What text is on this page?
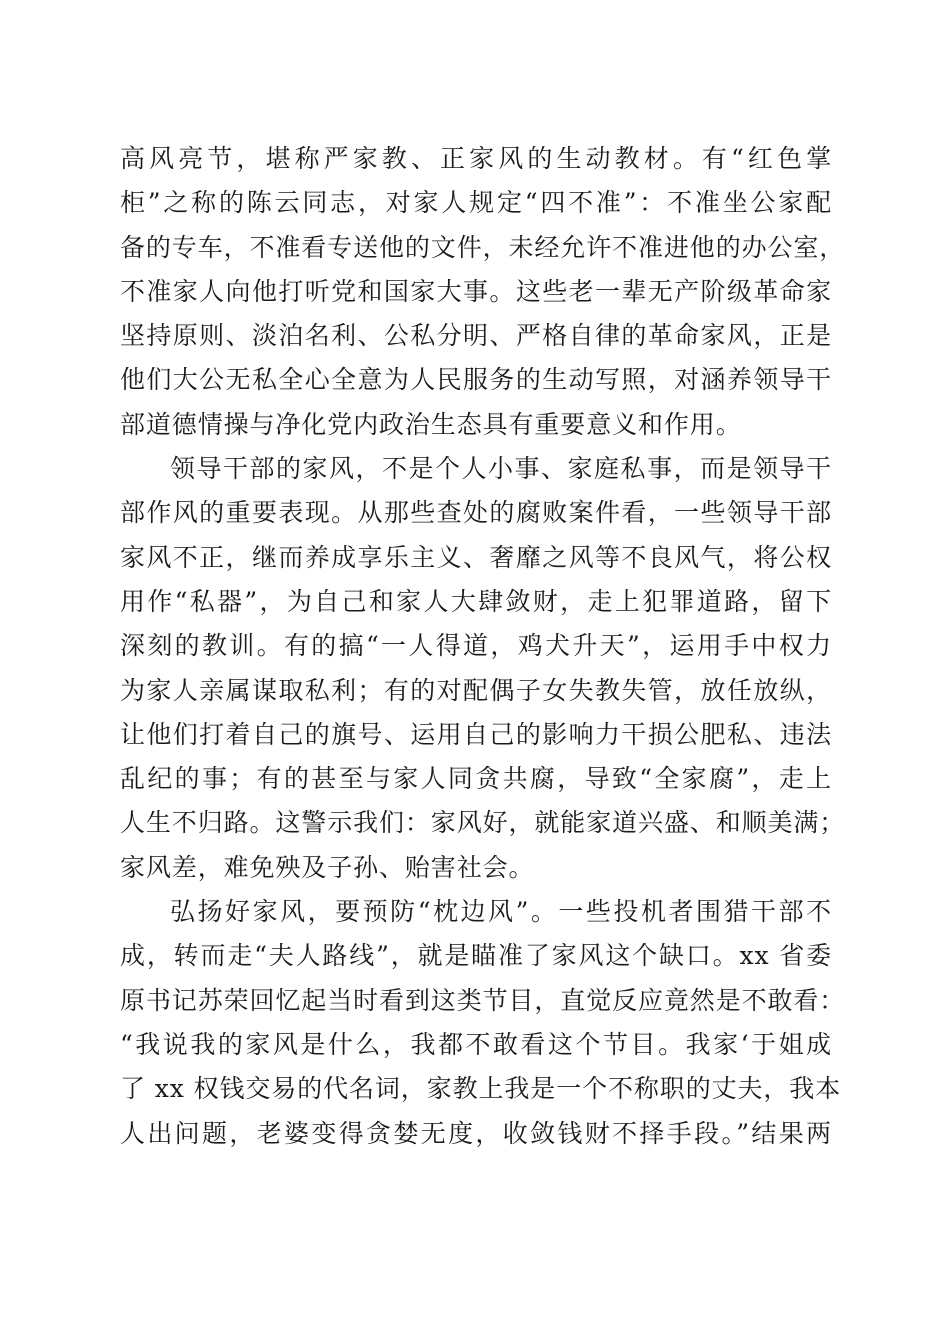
高风亮节，堪称严家教、正家风的生动教材。有“红色掌
柜”之称的陈云同志，对家人规定“四不准”：不准坐公家配
备的专车，不准看专送他的文件，未经允许不准进他的办公室，
不准家人向他打听党和国家大事。这些老一辈无产阶级革命家
坚持原则、淡泊名利、公私分明、严格自律的革命家风，正是
他们大公无私全心全意为人民服务的生动写照，对涵养领导干
部道德情操与净化党内政治生态具有重要意义和作用。
领导干部的家风，不是个人小事、家庭私事，而是领导干
部作风的重要表现。从那些查处的腐败案件看，一些领导干部
家风不正，继而养成享乐主义、奢靡之风等不良风气，将公权
用作“私器”，为自己和家人大肆敛财，走上犯罪道路，留下
深刻的教训。有的搞“一人得道，鸡犬升天”，运用手中权力
为家人亲属谋取私利；有的对配偶子女失教失管，放任放纵，
让他们打着自己的旗号、运用自己的影响力干损公肥私、违法
乱纪的事；有的甚至与家人同贪共腐，导致“全家腐”，走上
人生不归路。这警示我们：家风好，就能家道兴盛、和顺美满；
家风差，难免殃及子孙、贻害社会。
弘扬好家风，要预防“枕边风”。一些投机者围猎干部不
成，转而走“夫人路线”，就是瞄准了家风这个缺口。xx 省委
原书记苏荣回忆起当时看到这类节目，直觉反应竟然是不敢看：
“我说我的家风是什么，我都不敢看这个节目。我家‘于姐成
了 xx 权钱交易的代名词，家教上我是一个不称职的丈夫，我本
人出问题，老婆变得贪婪无度，收敛钱财不择手段。”结果两
